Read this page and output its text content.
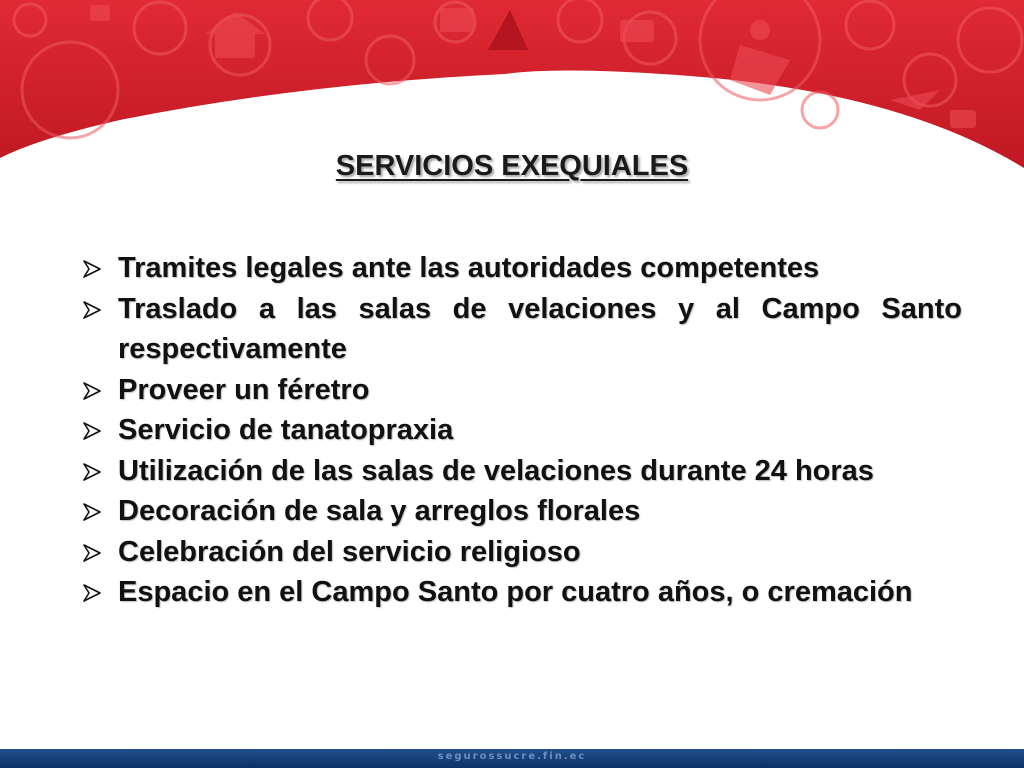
SERVICIOS EXEQUIALES
Tramites legales ante las autoridades competentes
Traslado a las salas de velaciones y al Campo Santo respectivamente
Proveer un féretro
Servicio de tanatopraxia
Utilización de las salas de velaciones durante 24 horas
Decoración de sala y arreglos florales
Celebración del servicio religioso
Espacio en el Campo Santo por cuatro años, o cremación
segurossucre.fin.ec
